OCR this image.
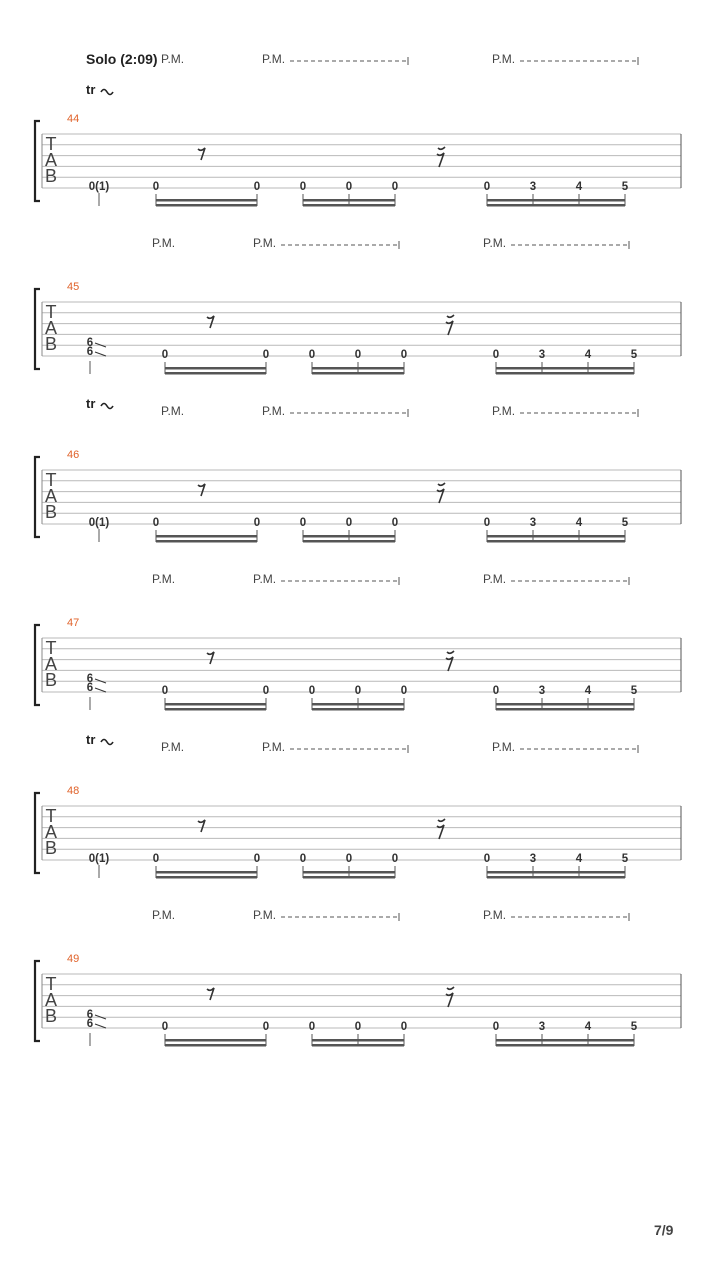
Solo (2:09)
tr
P.M.	P.M.	P.M.
44
T
A
B
0(1)	0	0	0	0	0	0	3	4	5
P.M.	P.M.	P.M.
45
T
A
B	6
6	0	0	0	0	0	0	3	4	5
tr	P.M.	P.M.	P.M.
46
T
A
B
0(1)	0	0	0	0	0	0	3	4	5
P.M.	P.M.	P.M.
47
T
A
B	6
6	0	0	0	0	0	0	3	4	5
tr	P.M.	P.M.	P.M.
48
T
A
B
0(1)	0	0	0	0	0	0	3	4	5
P.M.	P.M.	P.M.
49
T
A
B	6
6	0	0	0	0	0	0	3	4	5
7/9
